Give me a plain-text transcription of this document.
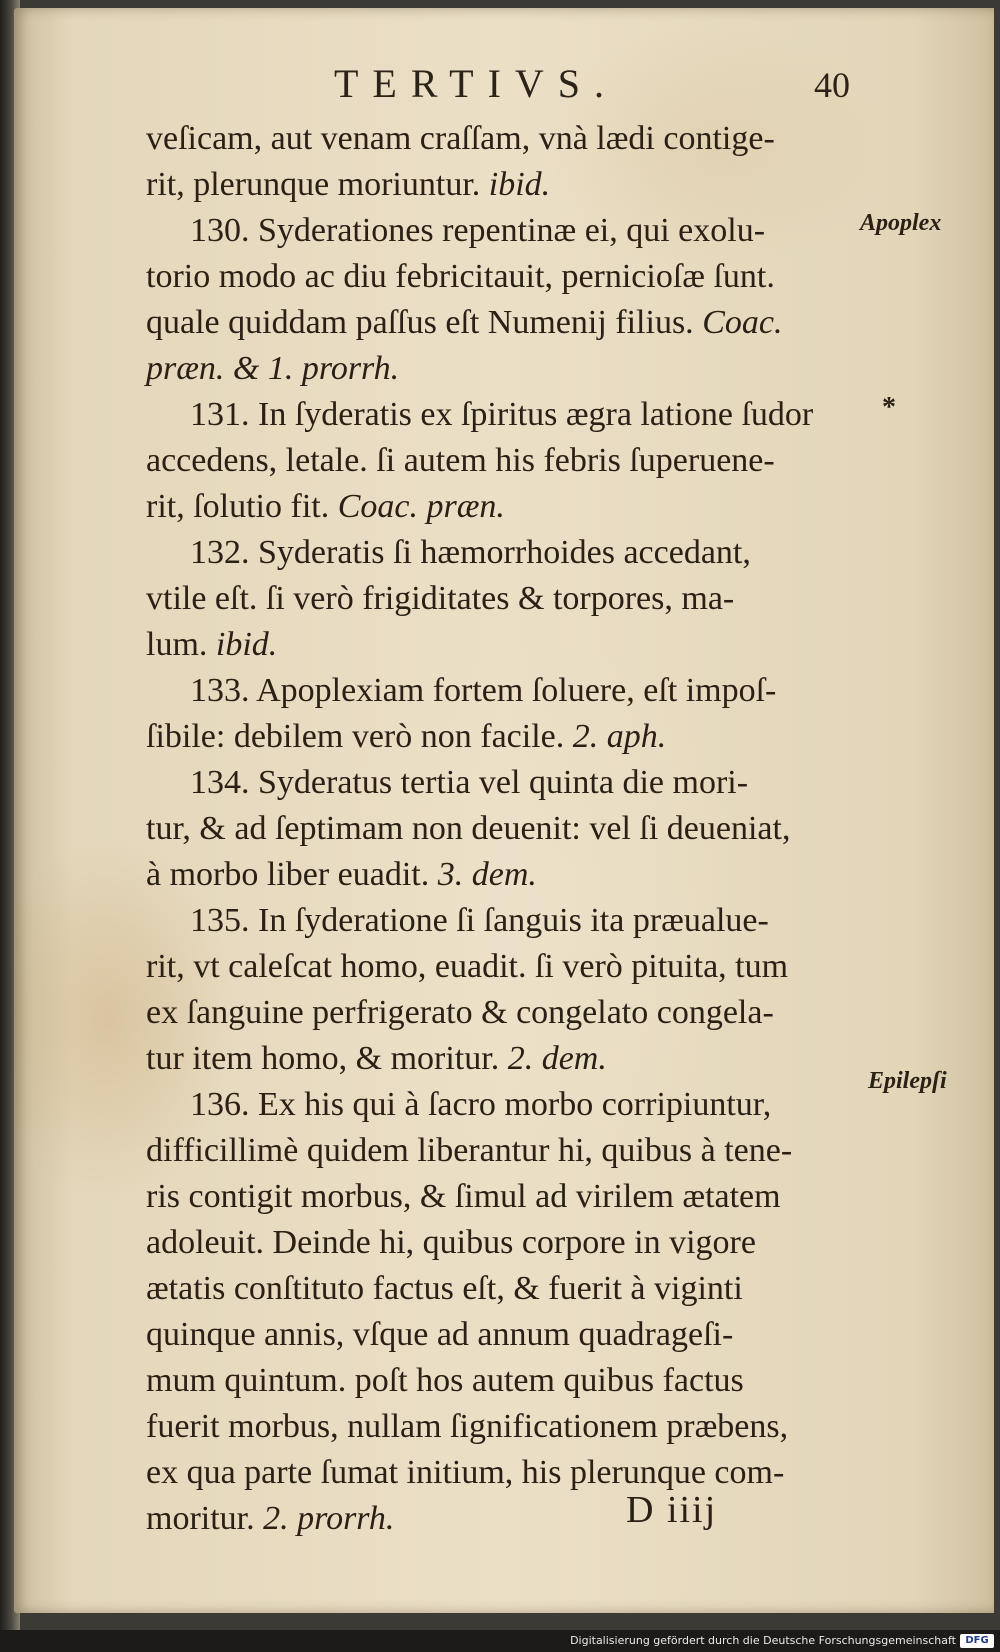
TERTIVS.	40
veſicam, aut venam craſſam, vnà lædi contige-
rit, plerunque moriuntur. ibid.
130. Syderationes repentinæ ei, qui exolu-
torio modo ac diu febricitauit, pernicioſæ ſunt.
quale quiddam paſſus eſt Numenij filius. Coac.
præn. & 1. prorrh.
131. In ſyderatis ex ſpiritus ægra latione ſudor
accedens, letale. ſi autem his febris ſuperuene-
rit, ſolutio fit. Coac. præn.
132. Syderatis ſi hæmorrhoides accedant,
vtile eſt. ſi verò frigiditates & torpores, ma-
lum. ibid.
133. Apoplexiam fortem ſoluere, eſt impoſ-
ſibile: debilem verò non facile. 2. aph.
134. Syderatus tertia vel quinta die mori-
tur, & ad ſeptimam non deuenit: vel ſi deueniat,
à morbo liber euadit. 3. dem.
135. In ſyderatione ſi ſanguis ita præualue-
rit, vt caleſcat homo, euadit. ſi verò pituita, tum
ex ſanguine perfrigerato & congelato congela-
tur item homo, & moritur. 2. dem.
136. Ex his qui à ſacro morbo corripiuntur,
difficillimè quidem liberantur hi, quibus à tene-
ris contigit morbus, & ſimul ad virilem ætatem
adoleuit. Deinde hi, quibus corpore in vigore
ætatis conſtituto factus eſt, & fuerit à viginti
quinque annis, vſque ad annum quadrageſi-
mum quintum. poſt hos autem quibus factus
fuerit morbus, nullam ſignificationem præbens,
ex qua parte ſumat initium, his plerunque com-
moritur. 2. prorrh.
Apoplex
*
Epilepſi
D iiij
Digitalisierung gefördert durch die Deutsche Forschungsgemeinschaft DFG
